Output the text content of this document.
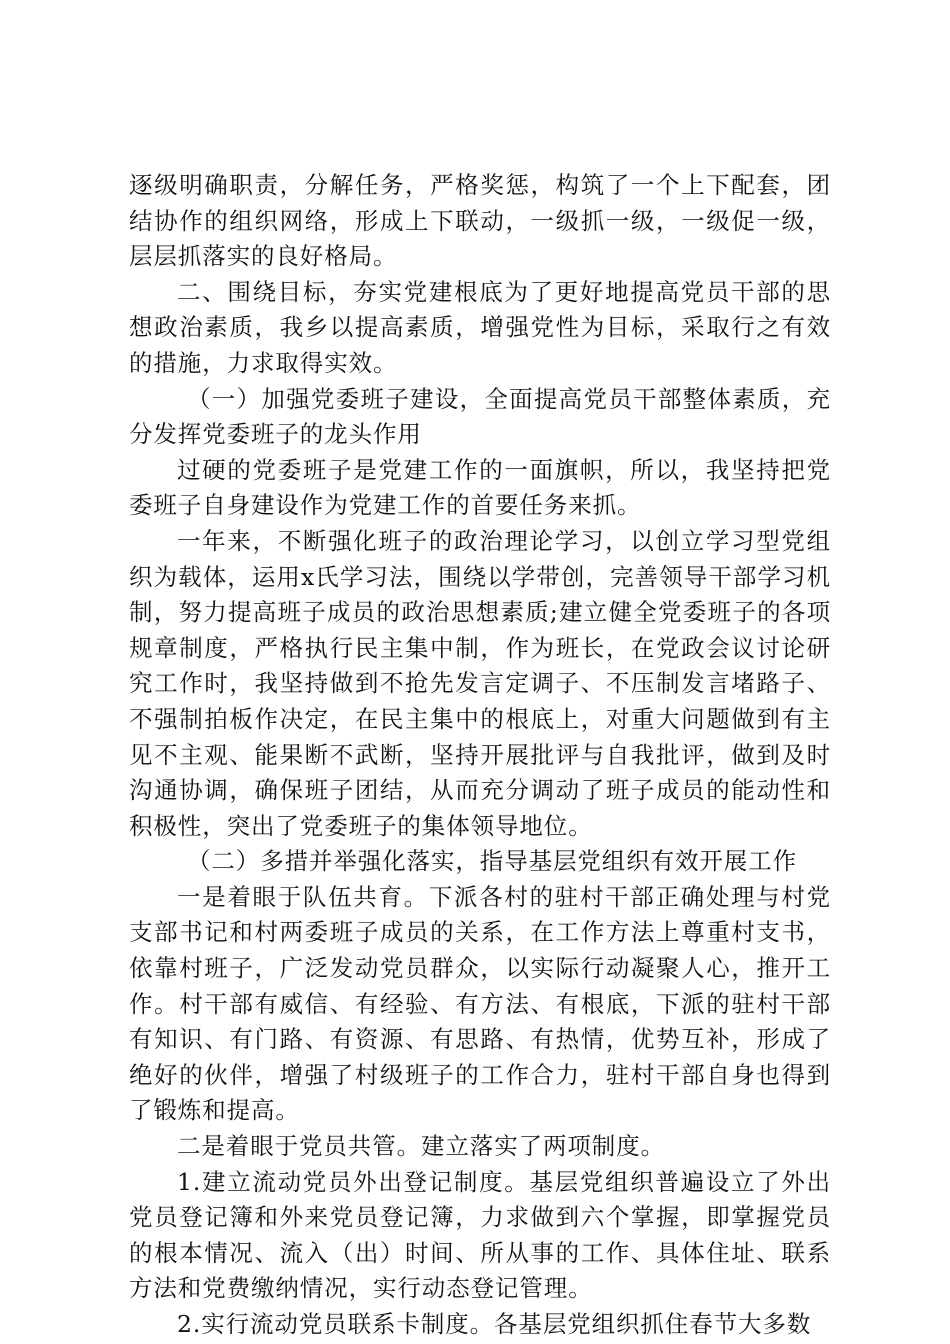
逐级明确职责，分解任务，严格奖惩，构筑了一个上下配套，团结协作的组织网络，形成上下联动，一级抓一级，一级促一级，层层抓落实的良好格局。

二、围绕目标，夯实党建根底为了更好地提高党员干部的思想政治素质，我乡以提高素质，增强党性为目标，采取行之有效的措施，力求取得实效。

（一）加强党委班子建设，全面提高党员干部整体素质，充分发挥党委班子的龙头作用

过硬的党委班子是党建工作的一面旗帜，所以，我坚持把党委班子自身建设作为党建工作的首要任务来抓。

一年来，不断强化班子的政治理论学习，以创立学习型党组织为载体，运用x氏学习法，围绕以学带创，完善领导干部学习机制，努力提高班子成员的政治思想素质;建立健全党委班子的各项规章制度，严格执行民主集中制，作为班长，在党政会议讨论研究工作时，我坚持做到不抢先发言定调子、不压制发言堵路子、不强制拍板作决定，在民主集中的根底上，对重大问题做到有主见不主观、能果断不武断，坚持开展批评与自我批评，做到及时沟通协调，确保班子团结，从而充分调动了班子成员的能动性和积极性，突出了党委班子的集体领导地位。

（二）多措并举强化落实，指导基层党组织有效开展工作

一是着眼于队伍共育。下派各村的驻村干部正确处理与村党支部书记和村两委班子成员的关系，在工作方法上尊重村支书，依靠村班子，广泛发动党员群众，以实际行动凝聚人心，推开工作。村干部有威信、有经验、有方法、有根底，下派的驻村干部有知识、有门路、有资源、有思路、有热情，优势互补，形成了绝好的伙伴，增强了村级班子的工作合力，驻村干部自身也得到了锻炼和提高。

二是着眼于党员共管。建立落实了两项制度。

1.建立流动党员外出登记制度。基层党组织普遍设立了外出党员登记簿和外来党员登记簿，力求做到六个掌握，即掌握党员的根本情况、流入（出）时间、所从事的工作、具体住址、联系方法和党费缴纳情况，实行动态登记管理。

2.实行流动党员联系卡制度。各基层党组织抓住春节大多数
